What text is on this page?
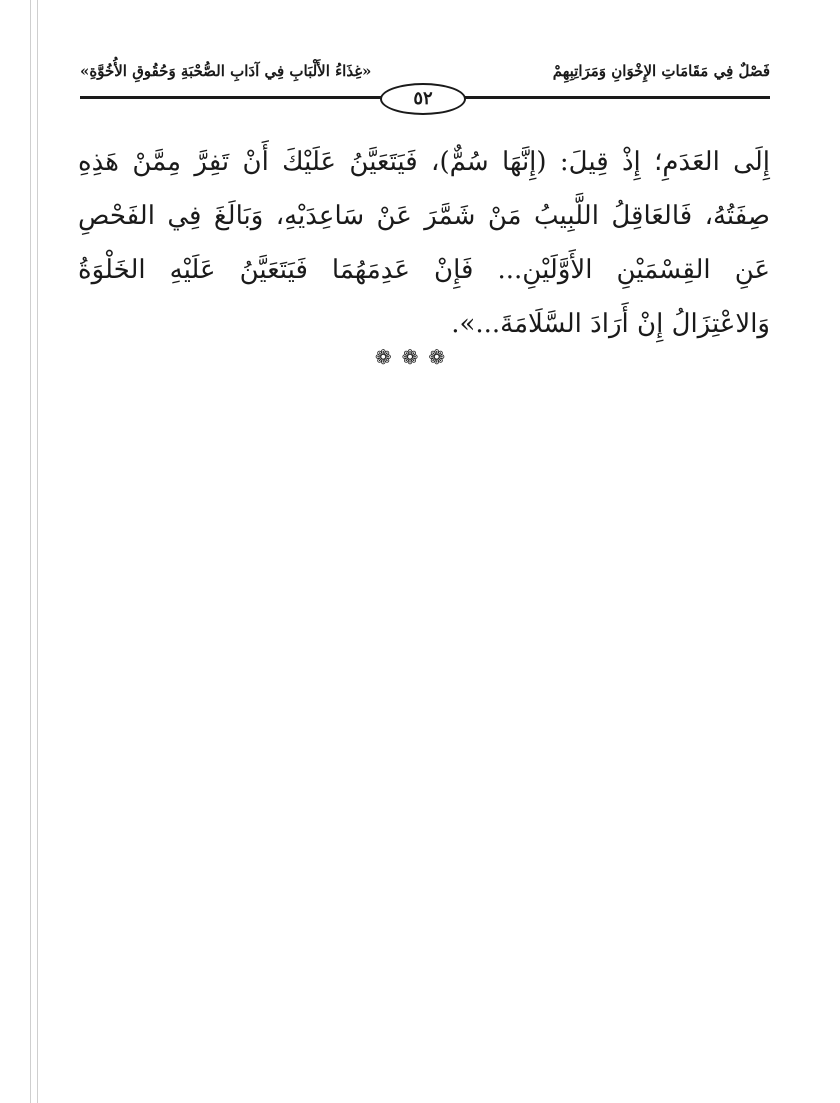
«غِذَاءُ الأَلْبَابِ فِي آدَابِ الصُّحْبَةِ وَحُقُوقِ الأُخُوَّةِ»	فَصْلٌ فِي مَقَامَاتِ الإِخْوَانِ وَمَرَاتِبِهِمْ
٥٢
إِلَى العَدَمِ؛ إِذْ قِيلَ: (إِنَّهَا سُمٌّ)، فَيَتَعَيَّنُ عَلَيْكَ أَنْ تَفِرَّ مِمَّنْ هَذِهِ
صِفَتُهُ، فَالعَاقِلُ اللَّبِيبُ مَنْ شَمَّرَ عَنْ سَاعِدَيْهِ، وَبَالَغَ فِي الفَحْصِ
عَنِ القِسْمَيْنِ الأَوَّلَيْنِ... فَإِنْ عَدِمَهُمَا فَيَتَعَيَّنُ عَلَيْهِ الخَلْوَةُ
وَالاعْتِزَالُ إِنْ أَرَادَ السَّلَامَةَ...».
❁❁❁
